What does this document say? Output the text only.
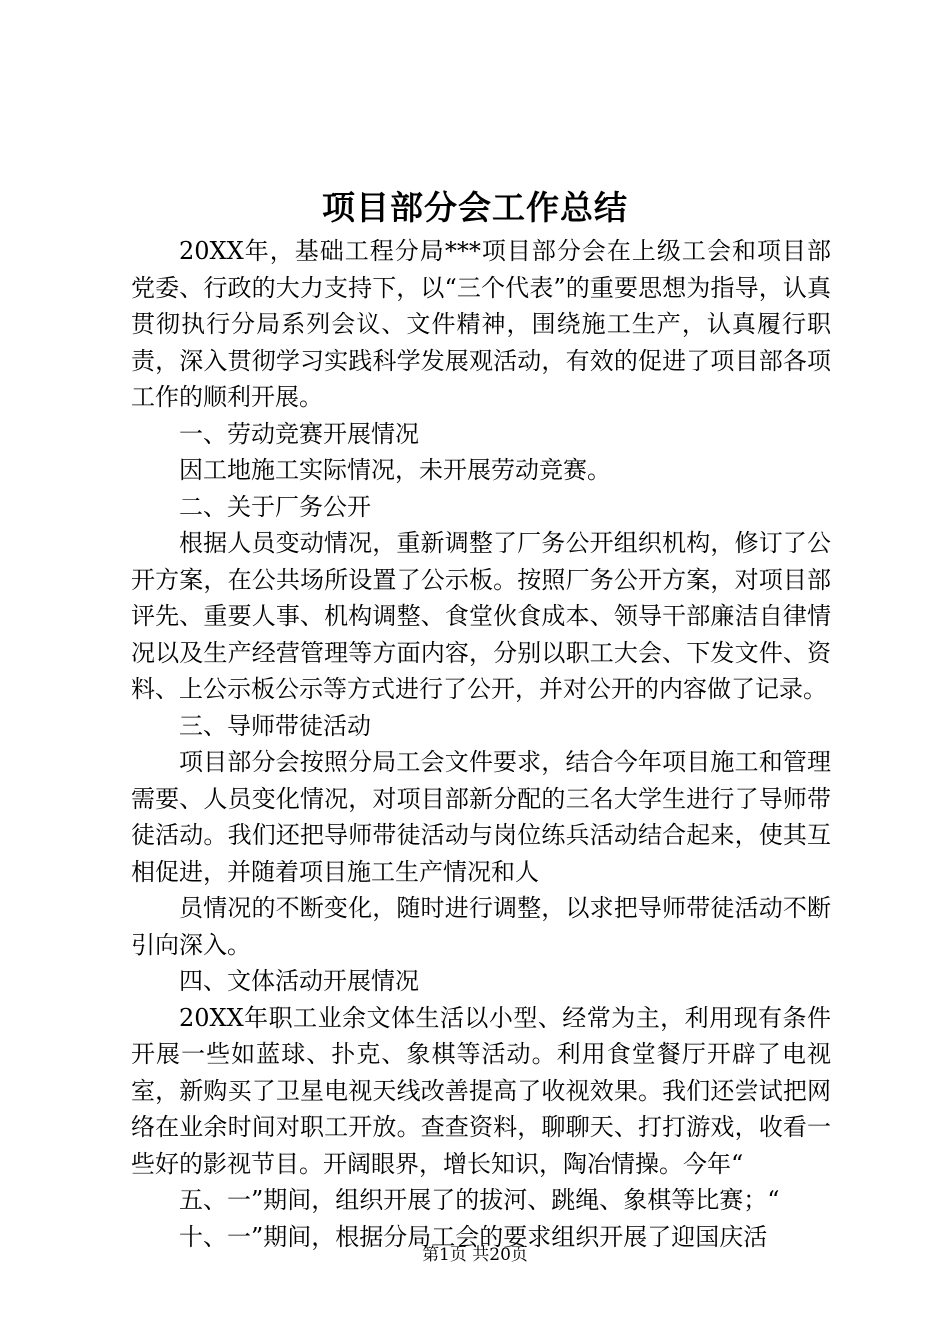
项目部分会工作总结

20XX年，基础工程分局***项目部分会在上级工会和项目部党委、行政的大力支持下，以“三个代表”的重要思想为指导，认真贯彻执行分局系列会议、文件精神，围绕施工生产，认真履行职责，深入贯彻学习实践科学发展观活动，有效的促进了项目部各项工作的顺利开展。

一、劳动竞赛开展情况

因工地施工实际情况，未开展劳动竞赛。

二、关于厂务公开

根据人员变动情况，重新调整了厂务公开组织机构，修订了公开方案，在公共场所设置了公示板。按照厂务公开方案，对项目部评先、重要人事、机构调整、食堂伙食成本、领导干部廉洁自律情况以及生产经营管理等方面内容，分别以职工大会、下发文件、资料、上公示板公示等方式进行了公开，并对公开的内容做了记录。

三、导师带徒活动

项目部分会按照分局工会文件要求，结合今年项目施工和管理需要、人员变化情况，对项目部新分配的三名大学生进行了导师带徒活动。我们还把导师带徒活动与岗位练兵活动结合起来，使其互相促进，并随着项目施工生产情况和人

员情况的不断变化，随时进行调整，以求把导师带徒活动不断引向深入。

四、文体活动开展情况

20XX年职工业余文体生活以小型、经常为主，利用现有条件开展一些如蓝球、扑克、象棋等活动。利用食堂餐厅开辟了电视室，新购买了卫星电视天线改善提高了收视效果。我们还尝试把网络在业余时间对职工开放。查查资料，聊聊天、打打游戏，收看一些好的影视节目。开阔眼界，增长知识，陶冶情操。今年“

五、一”期间，组织开展了的拔河、跳绳、象棋等比赛；“

十、一”期间，根据分局工会的要求组织开展了迎国庆活

第1页 共20页
